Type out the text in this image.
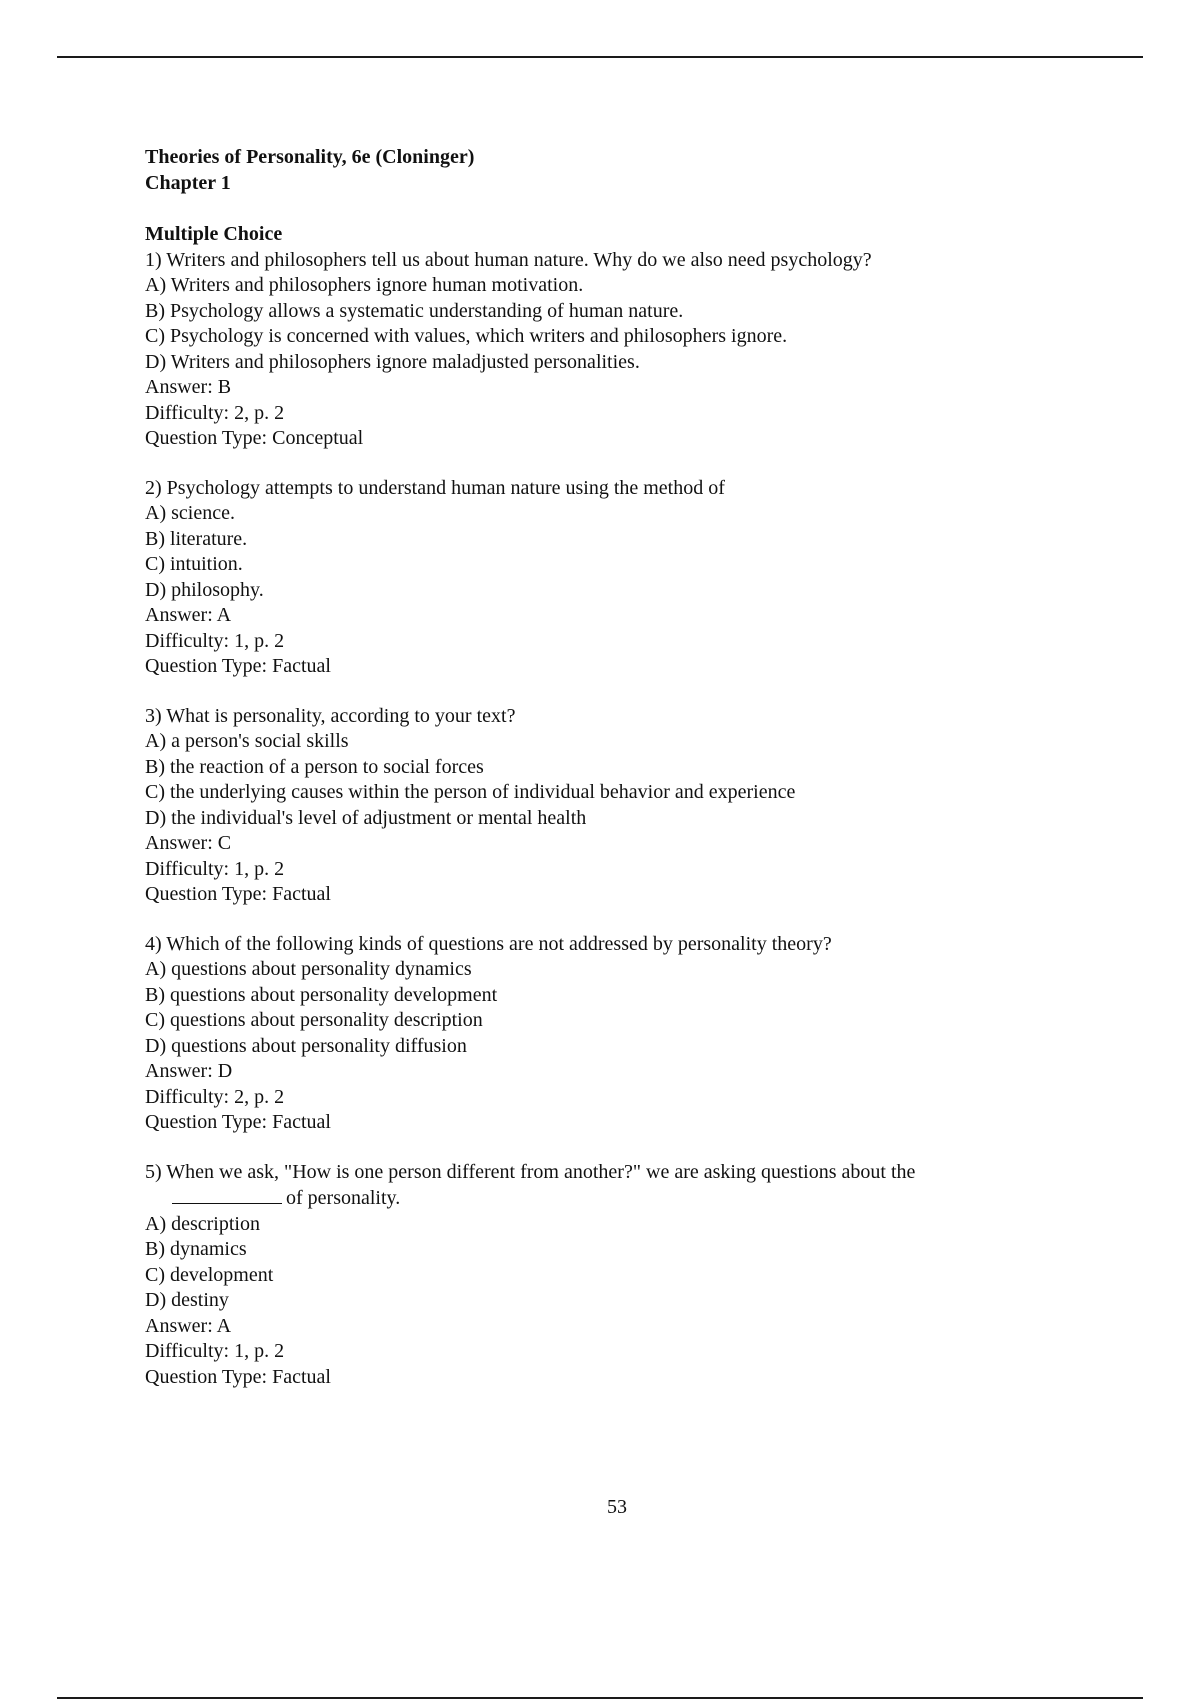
Theories of Personality, 6e (Cloninger)
Chapter 1
Multiple Choice
1) Writers and philosophers tell us about human nature. Why do we also need psychology?
A) Writers and philosophers ignore human motivation.
B) Psychology allows a systematic understanding of human nature.
C) Psychology is concerned with values, which writers and philosophers ignore.
D) Writers and philosophers ignore maladjusted personalities.
Answer: B
Difficulty: 2, p. 2
Question Type: Conceptual
2) Psychology attempts to understand human nature using the method of
A) science.
B) literature.
C) intuition.
D) philosophy.
Answer: A
Difficulty: 1, p. 2
Question Type: Factual
3) What is personality, according to your text?
A) a person's social skills
B) the reaction of a person to social forces
C) the underlying causes within the person of individual behavior and experience
D) the individual's level of adjustment or mental health
Answer: C
Difficulty: 1, p. 2
Question Type: Factual
4) Which of the following kinds of questions are not addressed by personality theory?
A) questions about personality dynamics
B) questions about personality development
C) questions about personality description
D) questions about personality diffusion
Answer: D
Difficulty: 2, p. 2
Question Type: Factual
5) When we ask, "How is one person different from another?" we are asking questions about the
of personality.
A) description
B) dynamics
C) development
D) destiny
Answer: A
Difficulty: 1, p. 2
Question Type: Factual
53
